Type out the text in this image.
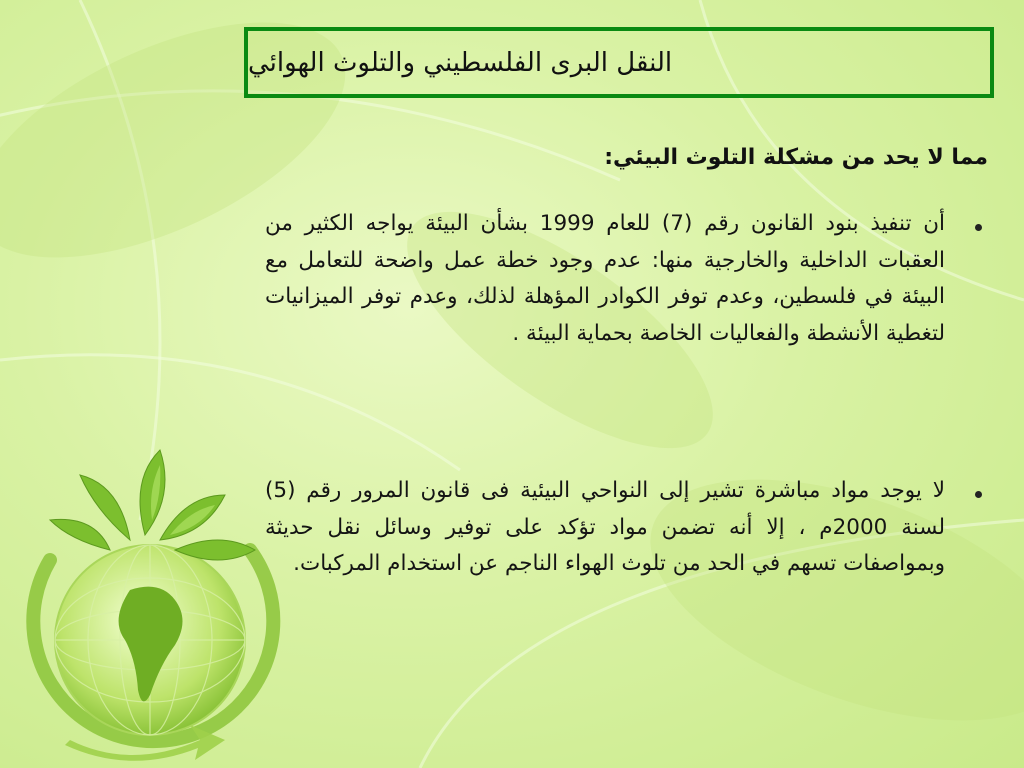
النقل البرى الفلسطيني والتلوث الهوائي
مما لا يحد من مشكلة التلوث البيئي:
أن تنفيذ بنود القانون رقم (7) للعام 1999 بشأن البيئة يواجه الكثير من العقبات الداخلية والخارجية منها: عدم وجود خطة عمل واضحة للتعامل مع البيئة في فلسطين، وعدم توفر الكوادر المؤهلة لذلك، وعدم توفر الميزانيات لتغطية الأنشطة والفعاليات الخاصة بحماية البيئة .
لا يوجد مواد مباشرة تشير إلى النواحي البيئية فى قانون المرور رقم (5) لسنة 2000م ، إلا أنه تضمن مواد تؤكد على توفير وسائل نقل حديثة وبمواصفات تسهم في الحد من تلوث الهواء الناجم عن استخدام المركبات.
